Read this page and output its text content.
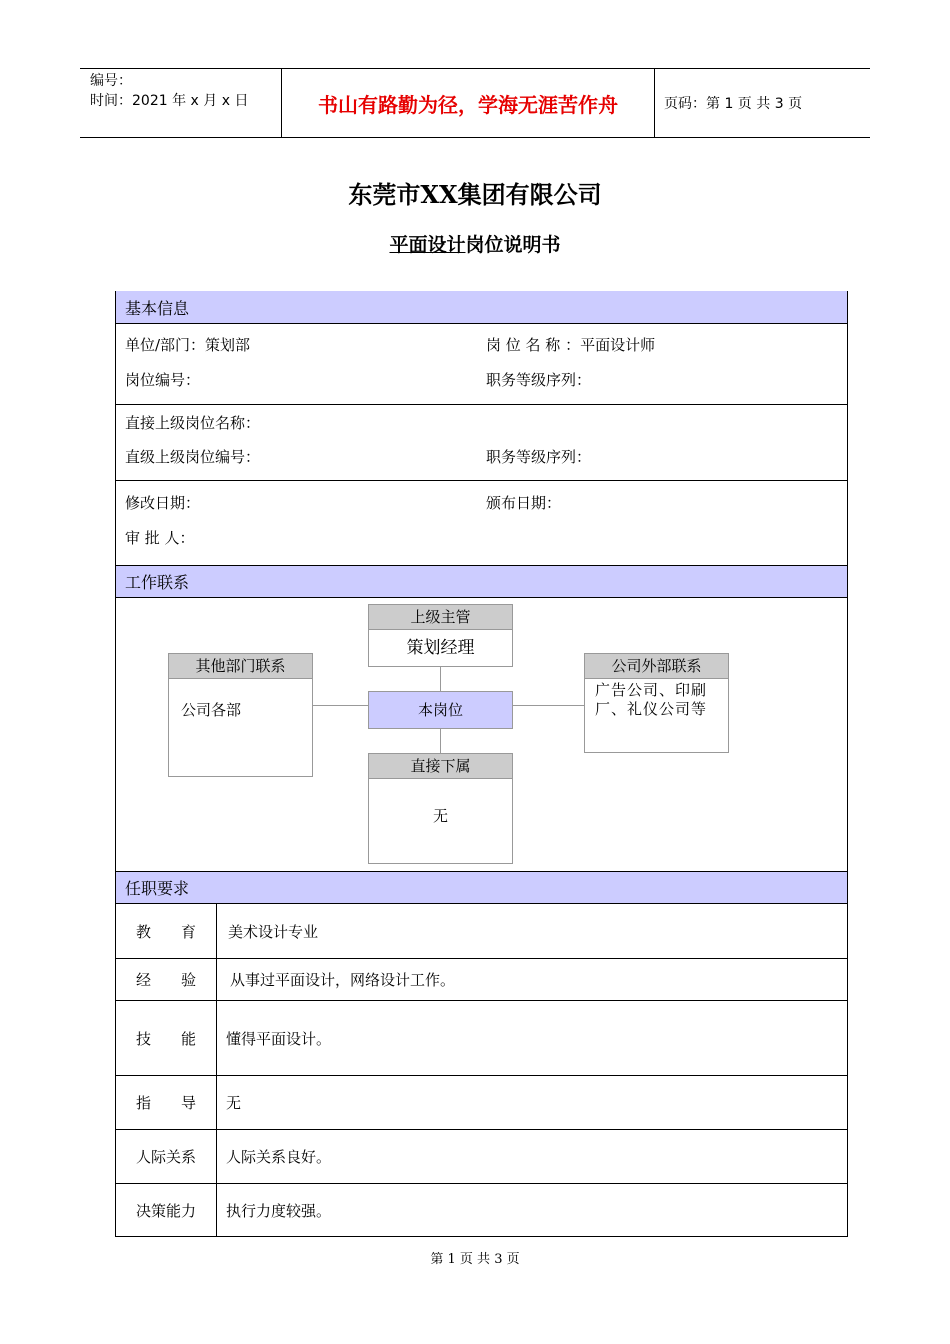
编号：
时间：2021 年 x 月 x 日	书山有路勤为径，学海无涯苦作舟	页码：第 1 页 共 3 页
东莞市XX集团有限公司
平面设计岗位说明书
基本信息
单位/部门：策划部	岗 位 名 称 ：平面设计师
岗位编号：	职务等级序列：
直接上级岗位名称：
直级上级岗位编号：	职务等级序列：
修改日期：	颁布日期：
审 批 人：
工作联系
上级主管
策划经理
其他部门联系
公司各部	本岗位
公司外部联系
广告公司、印刷厂、礼仪公司等
直接下属
无
任职要求
教　　育	美术设计专业
经　　验	从事过平面设计，网络设计工作。
技　　能	懂得平面设计。
指　　导	无
人际关系	人际关系良好。
决策能力	执行力度较强。
第 1 页 共 3 页
